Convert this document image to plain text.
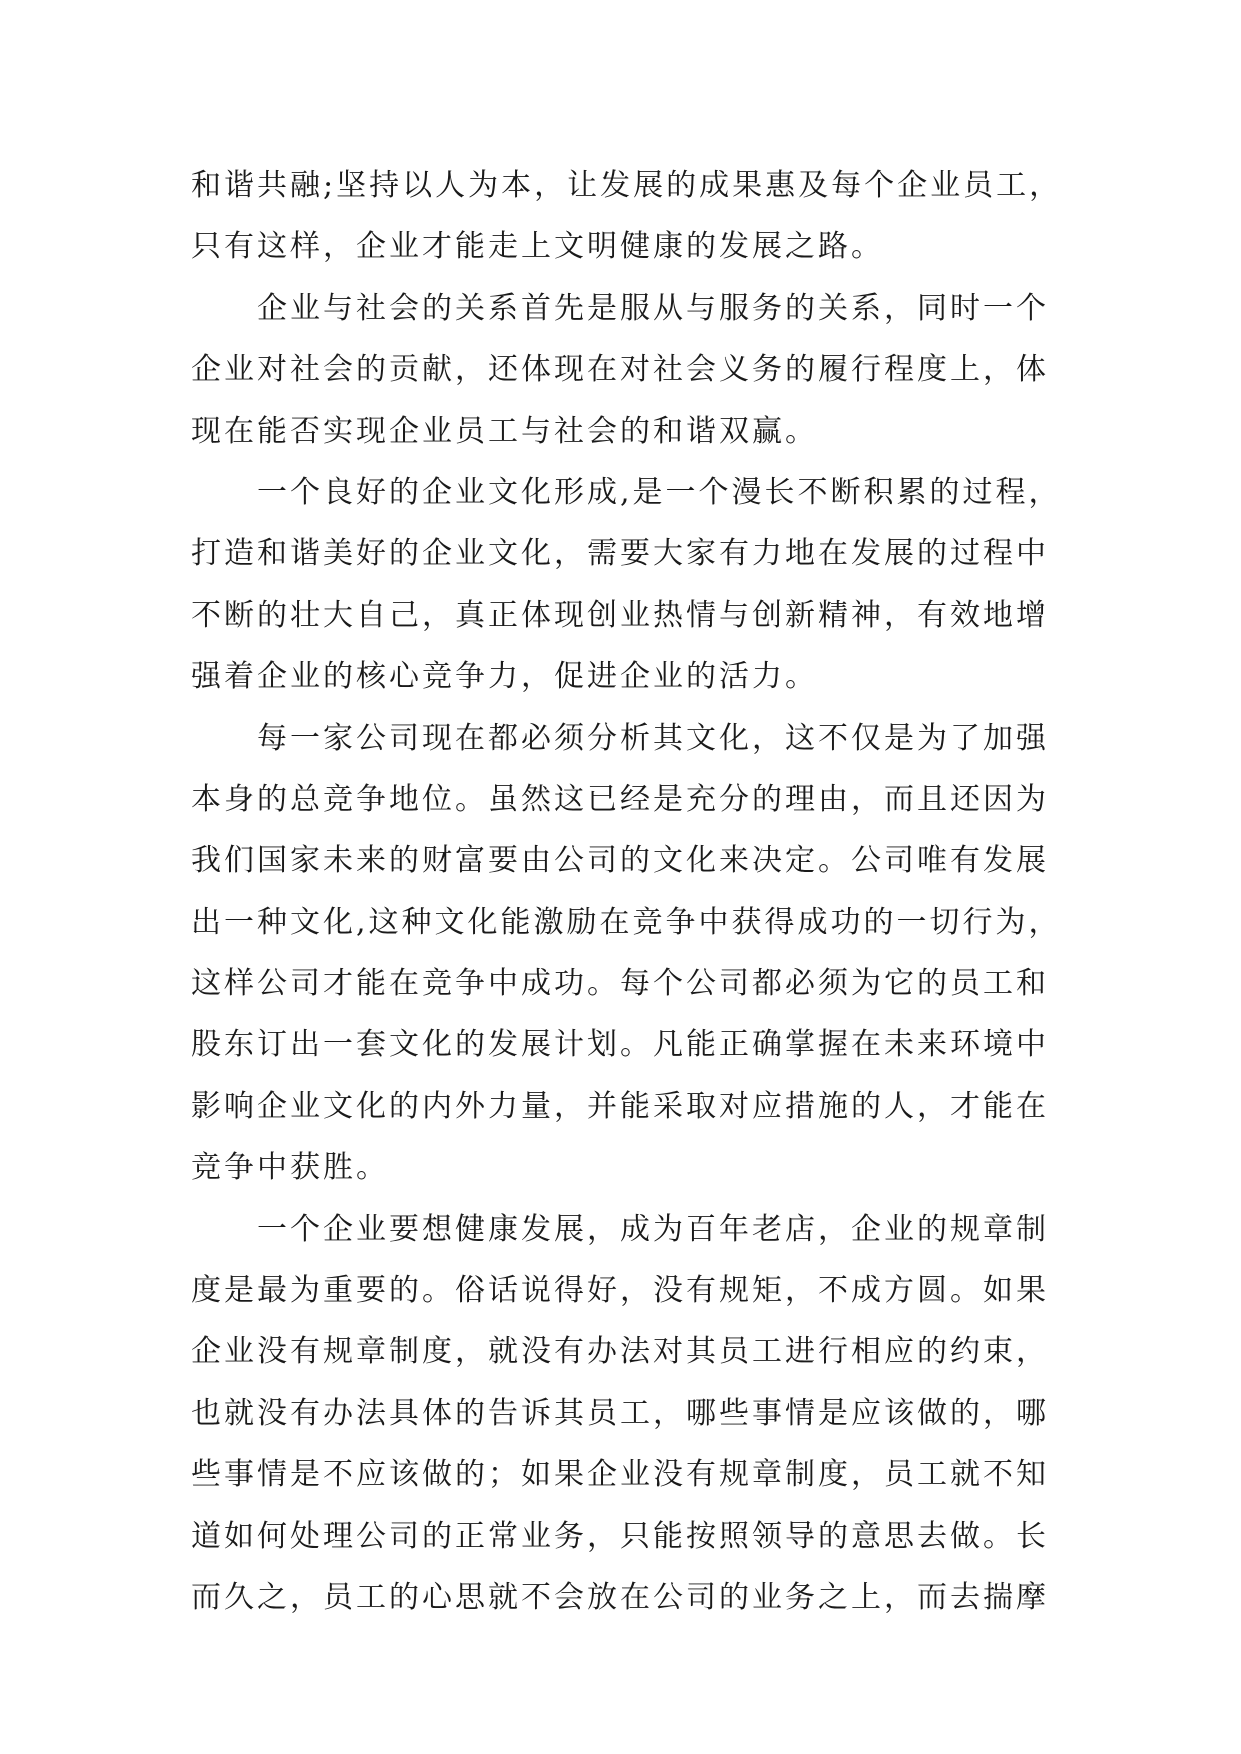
和谐共融;坚持以人为本，让发展的成果惠及每个企业员工，
只有这样，企业才能走上文明健康的发展之路。
企业与社会的关系首先是服从与服务的关系，同时一个
企业对社会的贡献，还体现在对社会义务的履行程度上，体
现在能否实现企业员工与社会的和谐双赢。
一个良好的企业文化形成,是一个漫长不断积累的过程，
打造和谐美好的企业文化，需要大家有力地在发展的过程中
不断的壮大自己，真正体现创业热情与创新精神，有效地增
强着企业的核心竞争力，促进企业的活力。
每一家公司现在都必须分析其文化，这不仅是为了加强
本身的总竞争地位。虽然这已经是充分的理由，而且还因为
我们国家未来的财富要由公司的文化来决定。公司唯有发展
出一种文化,这种文化能激励在竞争中获得成功的一切行为，
这样公司才能在竞争中成功。每个公司都必须为它的员工和
股东订出一套文化的发展计划。凡能正确掌握在未来环境中
影响企业文化的内外力量，并能采取对应措施的人，才能在
竞争中获胜。
一个企业要想健康发展，成为百年老店，企业的规章制
度是最为重要的。俗话说得好，没有规矩，不成方圆。如果
企业没有规章制度，就没有办法对其员工进行相应的约束，
也就没有办法具体的告诉其员工，哪些事情是应该做的，哪
些事情是不应该做的；如果企业没有规章制度，员工就不知
道如何处理公司的正常业务，只能按照领导的意思去做。长
而久之，员工的心思就不会放在公司的业务之上，而去揣摩
